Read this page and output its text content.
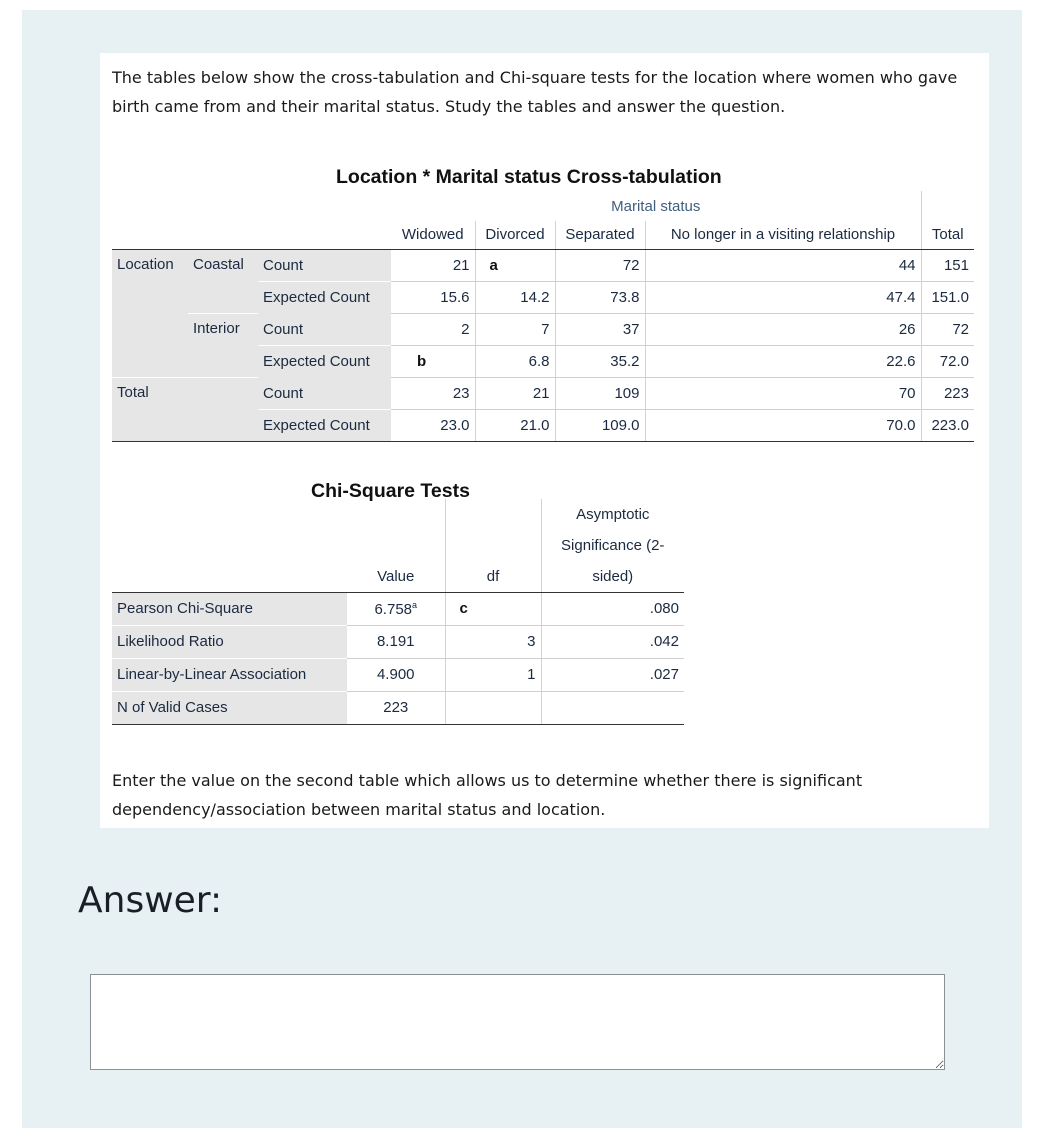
The tables below show the cross-tabulation and Chi-square tests for the location where women who gave birth came from and their marital status. Study the tables and answer the question.
Location * Marital status Cross-tabulation
			Marital status				
			Widowed	Divorced	Separated	No longer in a visiting relationship	Total
Location	Coastal	Count	21	a	72	44	151
		Expected Count	15.6	14.2	73.8	47.4	151.0
	Interior	Count	2	7	37	26	72
		Expected Count	b	6.8	35.2	22.6	72.0
Total		Count	23	21	109	70	223
		Expected Count	23.0	21.0	109.0	70.0	223.0
Chi-Square Tests
			Asymptotic
			Significance (2-
	Value	df	sided)
Pearson Chi-Square	6.758$^a$	c	.080
Likelihood Ratio	8.191	3	.042
Linear-by-Linear Association	4.900	1	.027
N of Valid Cases	223		
Enter the value on the second table which allows us to determine whether there is significant dependency/association between marital status and location.
Answer:
